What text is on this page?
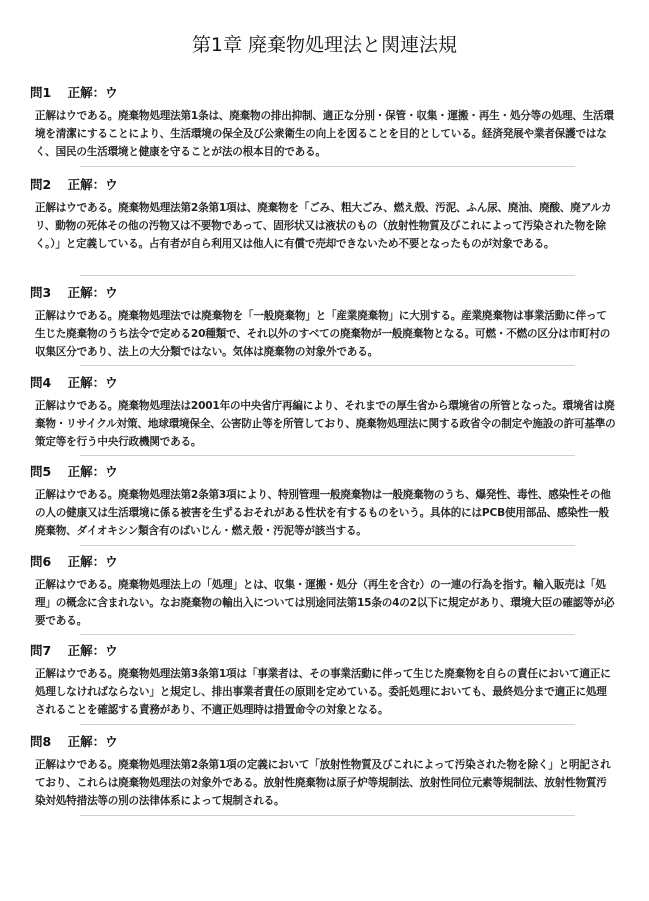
第1章 廃棄物処理法と関連法規
問1 正解：ウ
正解はウである。廃棄物処理法第1条は、廃棄物の排出抑制、適正な分別・保管・収集・運搬・再生・処分等の処理、生活環境を清潔にすることにより、生活環境の保全及び公衆衛生の向上を図ることを目的としている。経済発展や業者保護ではなく、国民の生活環境と健康を守ることが法の根本目的である。
問2 正解：ウ
正解はウである。廃棄物処理法第2条第1項は、廃棄物を「ごみ、粗大ごみ、燃え殻、汚泥、ふん尿、廃油、廃酸、廃アルカリ、動物の死体その他の汚物又は不要物であって、固形状又は液状のもの（放射性物質及びこれによって汚染された物を除く。）」と定義している。占有者が自ら利用又は他人に有償で売却できないため不要となったものが対象である。
問3 正解：ウ
正解はウである。廃棄物処理法では廃棄物を「一般廃棄物」と「産業廃棄物」に大別する。産業廃棄物は事業活動に伴って生じた廃棄物のうち法令で定める20種類で、それ以外のすべての廃棄物が一般廃棄物となる。可燃・不燃の区分は市町村の収集区分であり、法上の大分類ではない。気体は廃棄物の対象外である。
問4 正解：ウ
正解はウである。廃棄物処理法は2001年の中央省庁再編により、それまでの厚生省から環境省の所管となった。環境省は廃棄物・リサイクル対策、地球環境保全、公害防止等を所管しており、廃棄物処理法に関する政省令の制定や施設の許可基準の策定等を行う中央行政機関である。
問5 正解：ウ
正解はウである。廃棄物処理法第2条第3項により、特別管理一般廃棄物は一般廃棄物のうち、爆発性、毒性、感染性その他の人の健康又は生活環境に係る被害を生ずるおそれがある性状を有するものをいう。具体的にはPCB使用部品、感染性一般廃棄物、ダイオキシン類含有のばいじん・燃え殻・汚泥等が該当する。
問6 正解：ウ
正解はウである。廃棄物処理法上の「処理」とは、収集・運搬・処分（再生を含む）の一連の行為を指す。輸入販売は「処理」の概念に含まれない。なお廃棄物の輸出入については別途同法第15条の4の2以下に規定があり、環境大臣の確認等が必要である。
問7 正解：ウ
正解はウである。廃棄物処理法第3条第1項は「事業者は、その事業活動に伴って生じた廃棄物を自らの責任において適正に処理しなければならない」と規定し、排出事業者責任の原則を定めている。委託処理においても、最終処分まで適正に処理されることを確認する責務があり、不適正処理時は措置命令の対象となる。
問8 正解：ウ
正解はウである。廃棄物処理法第2条第1項の定義において「放射性物質及びこれによって汚染された物を除く」と明記されており、これらは廃棄物処理法の対象外である。放射性廃棄物は原子炉等規制法、放射性同位元素等規制法、放射性物質汚染対処特措法等の別の法律体系によって規制される。
